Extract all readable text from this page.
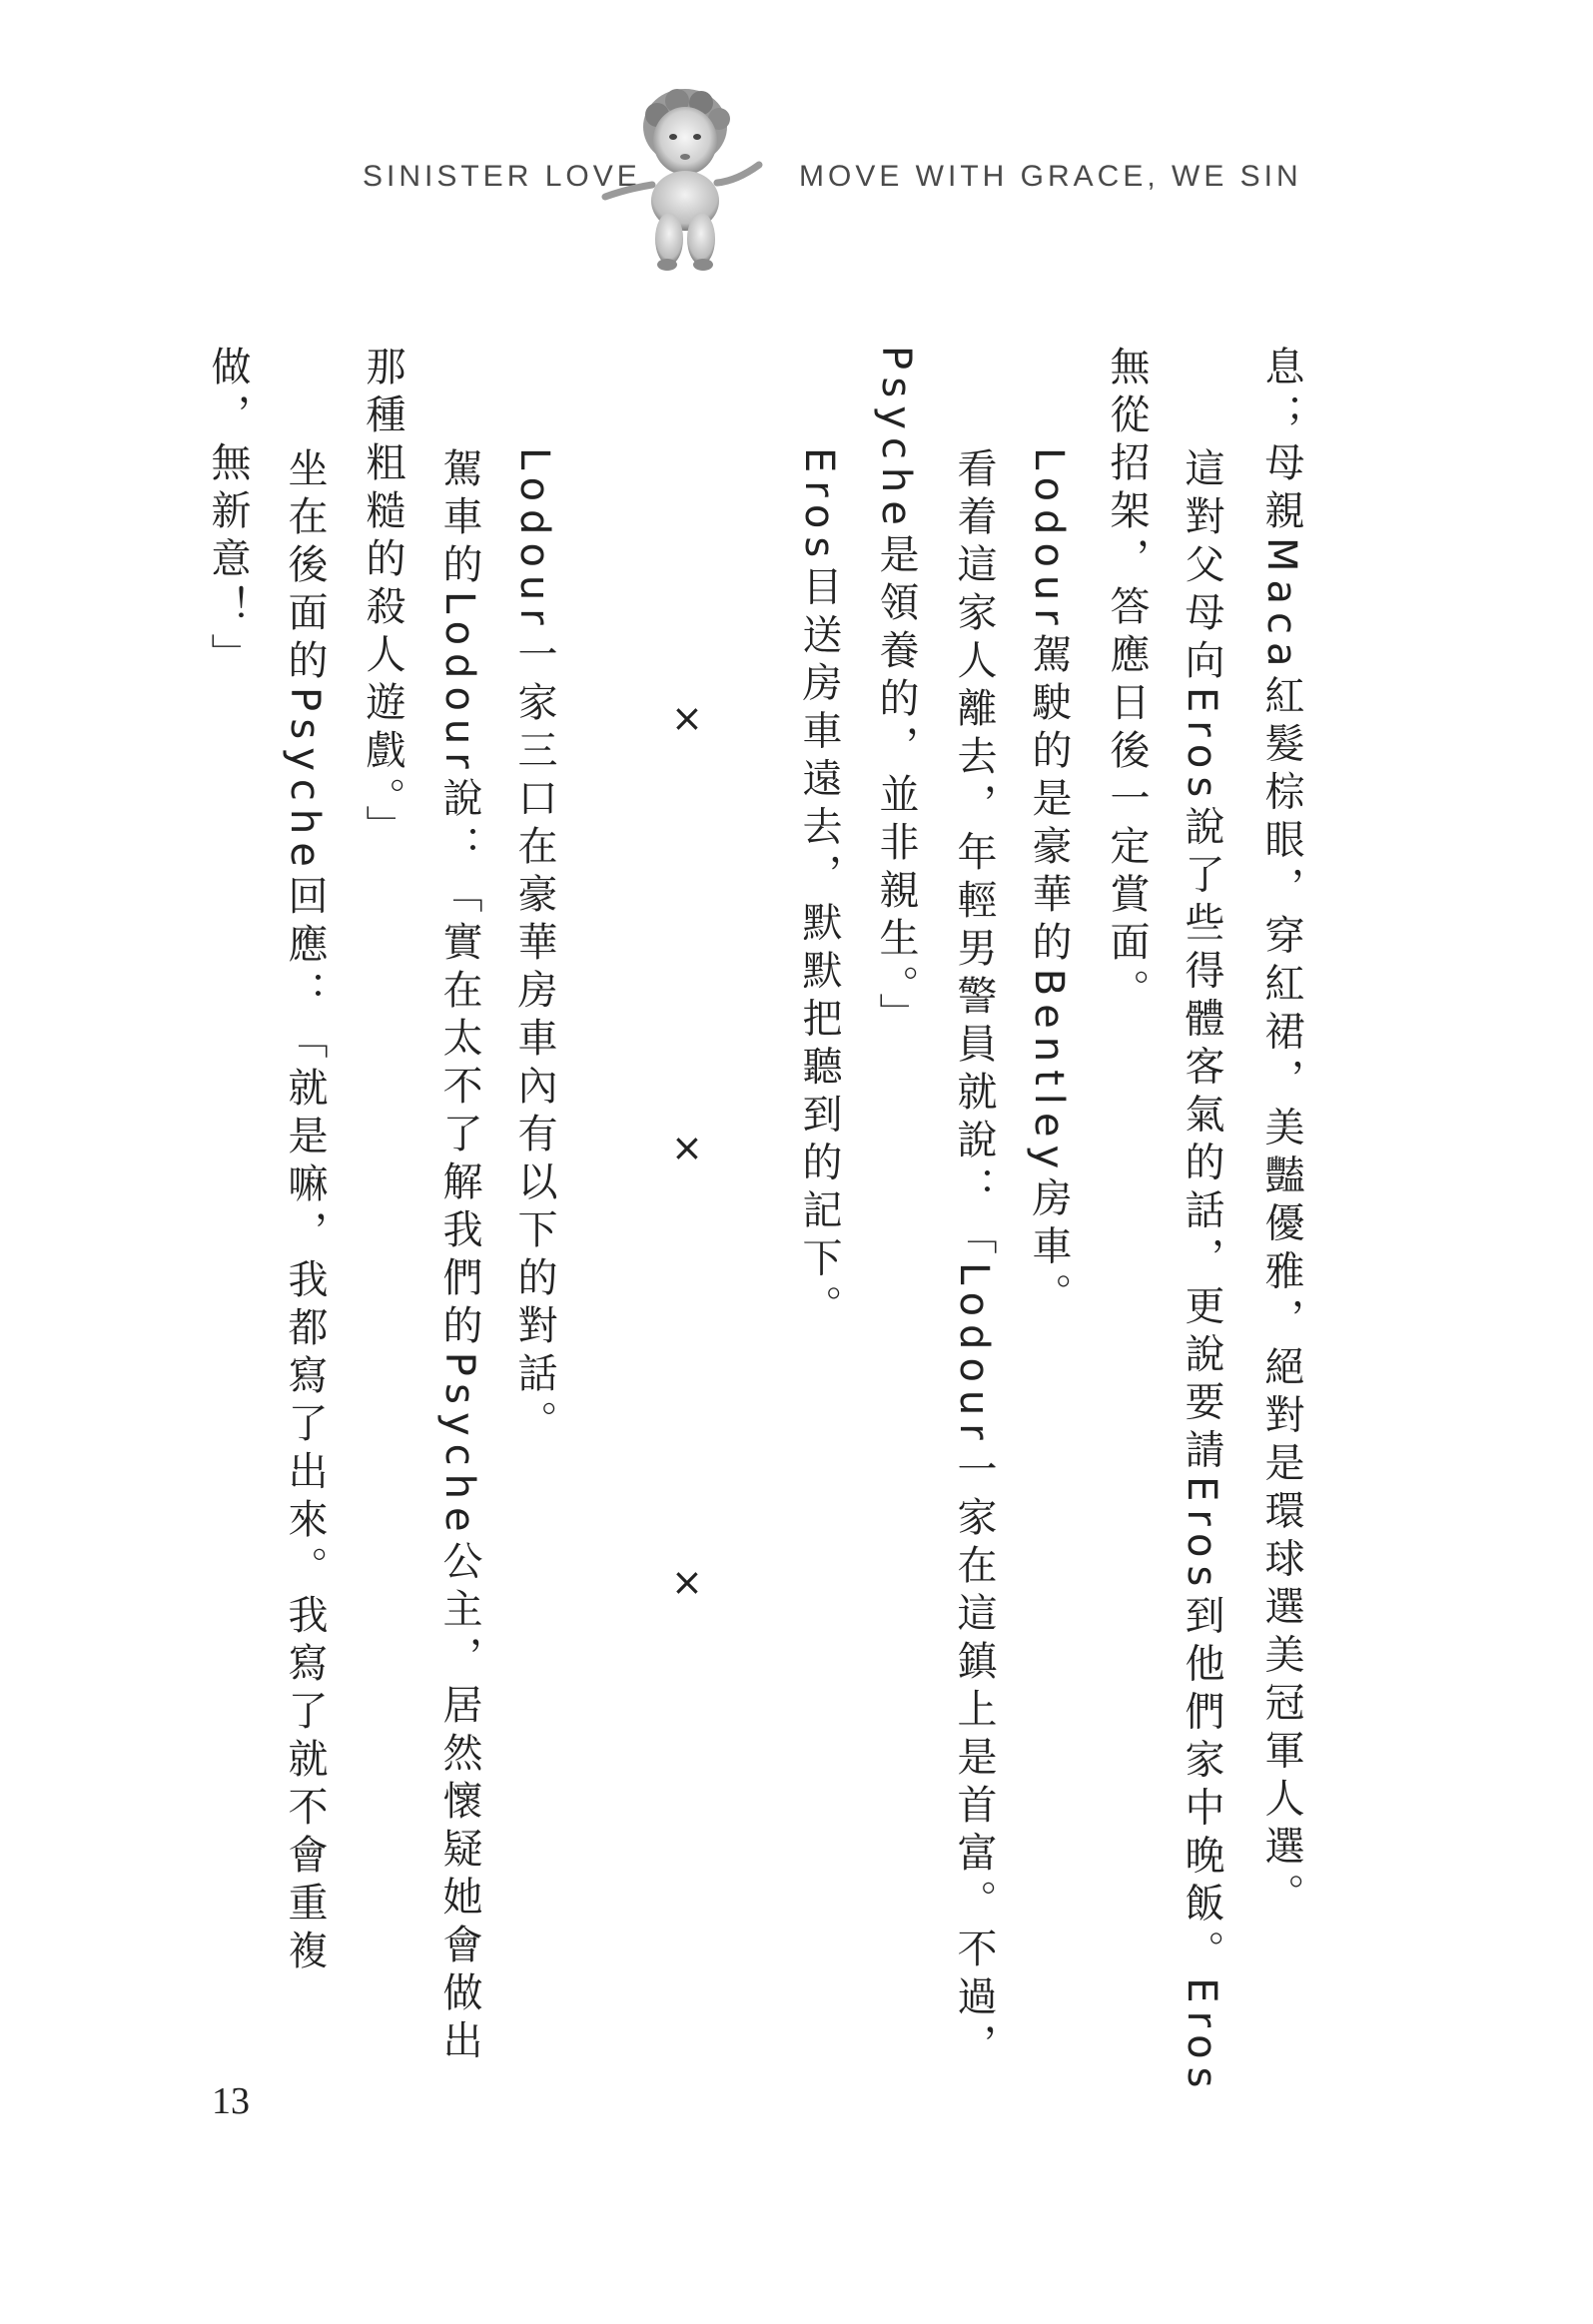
SINISTER LOVE	MOVE WITH GRACE, WE SIN
息；母親Maca紅髮棕眼，穿紅裙，美豔優雅，絕對是環球選美冠軍人選。
這對父母向Eros說了些得體客氣的話，更說要請Eros到他們家中晚飯。Eros
無從招架，答應日後一定賞面。
Lodour駕駛的是豪華的Bentley房車。
看着這家人離去，年輕男警員就說：「Lodour一家在這鎮上是首富。不過，
Psyche是領養的，並非親生。」
Eros目送房車遠去，默默把聽到的記下。
×
×
×
Lodour一家三口在豪華房車內有以下的對話。
駕車的Lodour說：「實在太不了解我們的Psyche公主，居然懷疑她會做出
那種粗糙的殺人遊戲。」
坐在後面的Psyche回應：「就是嘛，我都寫了出來。我寫了就不會重複
做，無新意！」
13
